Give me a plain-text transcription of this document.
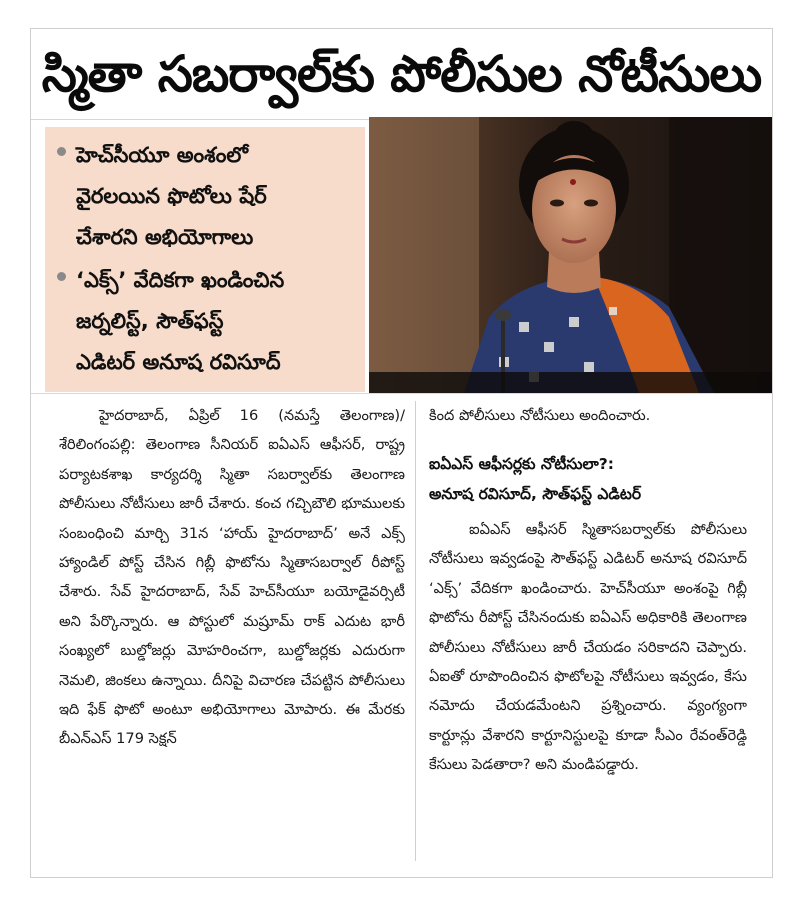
స్మితా సబర్వాల్‌కు పోలీసుల నోటీసులు
హెచ్‌సీయూ అంశంలో
వైరలయిన ఫొటోలు షేర్
చేశారని అభియోగాలు
‘ఎక్స్‌’ వేదికగా ఖండించిన
జర్నలిస్ట్‌, సౌత్‌ఫస్ట్‌
ఎడిటర్‌ అనూష రవిసూద్‌

హైదరాబాద్‌, ఏప్రిల్‌ 16 (నమస్తే తెలంగాణ)/శేరిలింగంపల్లి: తెలంగాణ సీనియర్‌ ఐఏఎస్‌ ఆఫీసర్‌, రాష్ట్ర పర్యాటకశాఖ కార్యదర్శి స్మితా సబర్వాల్‌కు తెలంగాణ పోలీసులు నోటీసులు జారీ చేశారు. కంచ గచ్చిబౌలి భూములకు సంబంధించి మార్చి 31న ‘హాయ్‌ హైదరాబాద్‌’ అనే ఎక్స్‌ హ్యాండిల్‌ పోస్ట్‌ చేసిన గిబ్లీ ఫొటోను స్మితాసబర్వాల్‌ రీపోస్ట్‌ చేశారు. సేవ్‌ హైదరాబాద్‌, సేవ్‌ హెచ్‌సీయూ బయోడైవర్సిటీ అని పేర్కొన్నారు. ఆ పోస్టులో మష్రూమ్‌ రాక్‌ ఎదుట భారీ సంఖ్యలో బుల్డోజర్లు మోహరించగా, బుల్డోజర్లకు ఎదురుగా నెమలి, జింకలు ఉన్నాయి. దీనిపై విచారణ చేపట్టిన పోలీసులు ఇది ఫేక్‌ ఫొటో అంటూ అభియోగాలు మోపారు. ఈ మేరకు బీఎన్‌ఎస్‌ 179 సెక్షన్‌

కింద పోలీసులు నోటీసులు అందించారు.

ఐఏఎస్‌ ఆఫీసర్లకు నోటీసులా?:
అనూష రవిసూద్‌, సౌత్‌ఫస్ట్‌ ఎడిటర్‌

ఐఏఎస్‌ ఆఫీసర్‌ స్మితాసబర్వాల్‌కు పోలీసులు నోటీసులు ఇవ్వడంపై సౌత్‌ఫస్ట్‌ ఎడిటర్‌ అనూష రవిసూద్‌ ‘ఎక్స్‌’ వేదికగా ఖండించారు. హెచ్‌సీయూ అంశంపై గిబ్లీ ఫొటోను రీపోస్ట్‌ చేసినందుకు ఐఏఎస్‌ అధికారికి తెలంగాణ పోలీసులు నోటీసులు జారీ చేయడం సరికాదని చెప్పారు. ఏఐతో రూపొందించిన ఫొటోలపై నోటీసులు ఇవ్వడం, కేసు నమోదు చేయడమేంటని ప్రశ్నించారు. వ్యంగ్యంగా కార్టూన్లు వేశారని కార్టూనిస్టులపై కూడా సీఎం రేవంత్‌రెడ్డి కేసులు పెడతారా? అని మండిపడ్డారు.
